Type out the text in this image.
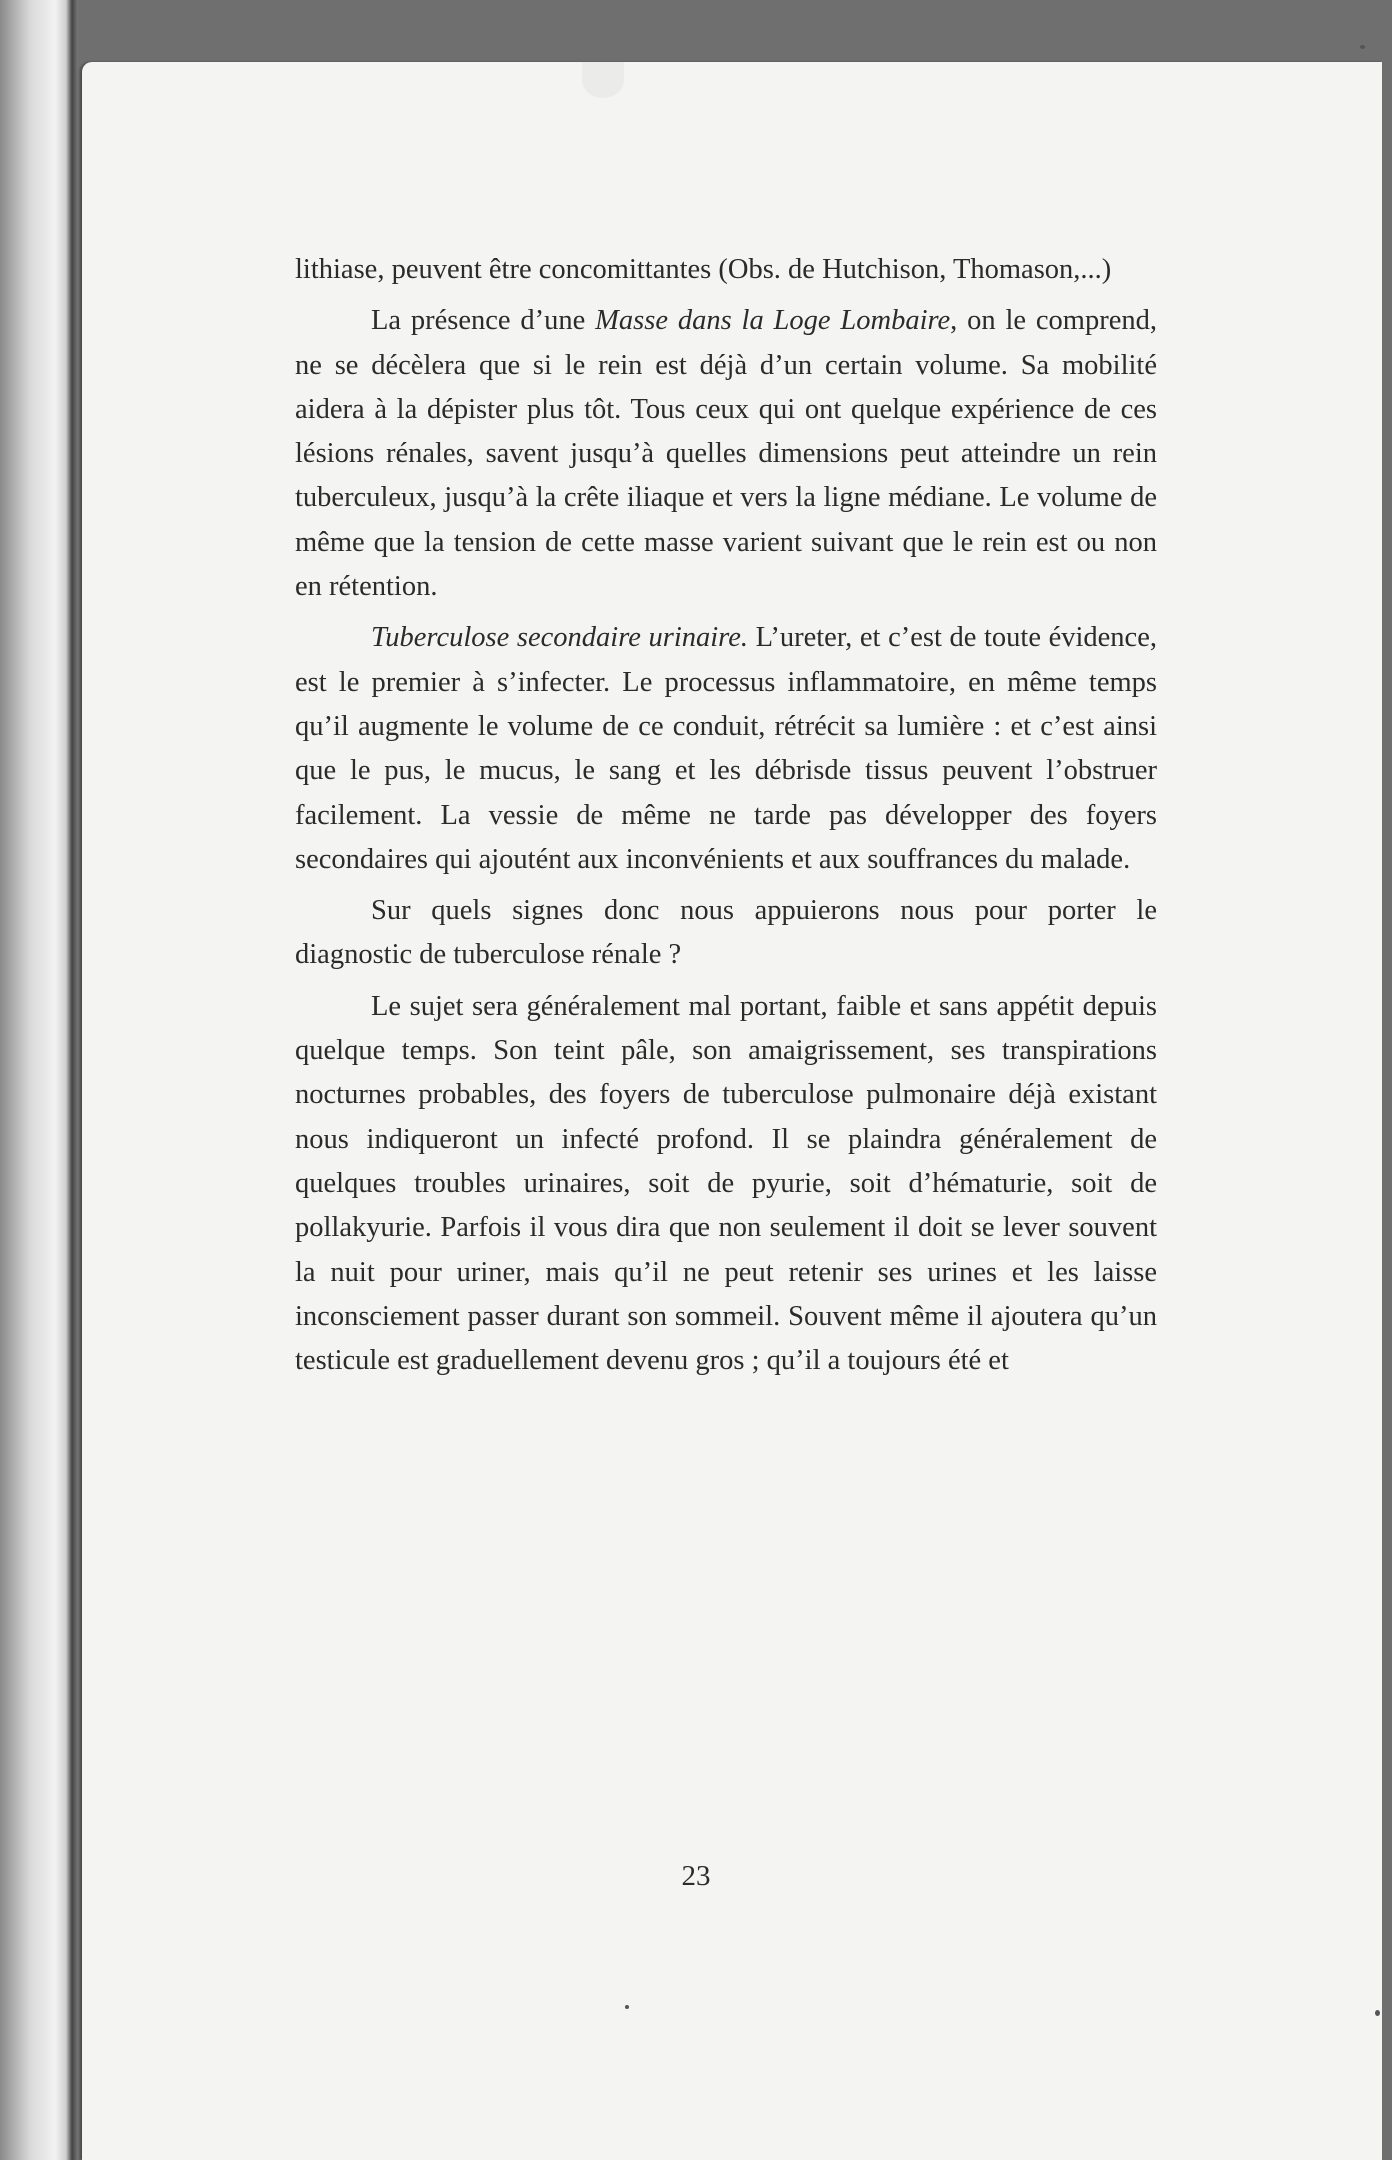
lithiase, peuvent être concomittantes (Obs. de Hutchison, Thomason,...)

La présence d’une Masse dans la Loge Lombaire, on le comprend, ne se décèlera que si le rein est déjà d’un certain volume. Sa mobilité aidera à la dépister plus tôt. Tous ceux qui ont quelque expérience de ces lésions rénales, savent jusqu’à quelles dimensions peut atteindre un rein tuberculeux, jusqu’à la crête iliaque et vers la ligne médiane. Le volume de même que la tension de cette masse varient suivant que le rein est ou non en rétention.

Tuberculose secondaire urinaire. L’ureter, et c’est de toute évidence, est le premier à s’infecter. Le processus inflammatoire, en même temps qu’il augmente le volume de ce conduit, rétrécit sa lumière : et c’est ainsi que le pus, le mucus, le sang et les débrisde tissus peuvent l’obstruer facilement. La vessie de même ne tarde pas développer des foyers secondaires qui ajoutént aux inconvénients et aux souffrances du malade.

Sur quels signes donc nous appuierons nous pour porter le diagnostic de tuberculose rénale ?

Le sujet sera généralement mal portant, faible et sans appétit depuis quelque temps. Son teint pâle, son amaigrissement, ses transpirations nocturnes probables, des foyers de tuberculose pulmonaire déjà existant nous indiqueront un infecté profond. Il se plaindra généralement de quelques troubles urinaires, soit de pyurie, soit d’hématurie, soit de pollakyurie. Parfois il vous dira que non seulement il doit se lever souvent la nuit pour uriner, mais qu’il ne peut retenir ses urines et les laisse inconsciement passer durant son sommeil. Souvent même il ajoutera qu’un testicule est graduellement devenu gros ; qu’il a toujours été et

23
